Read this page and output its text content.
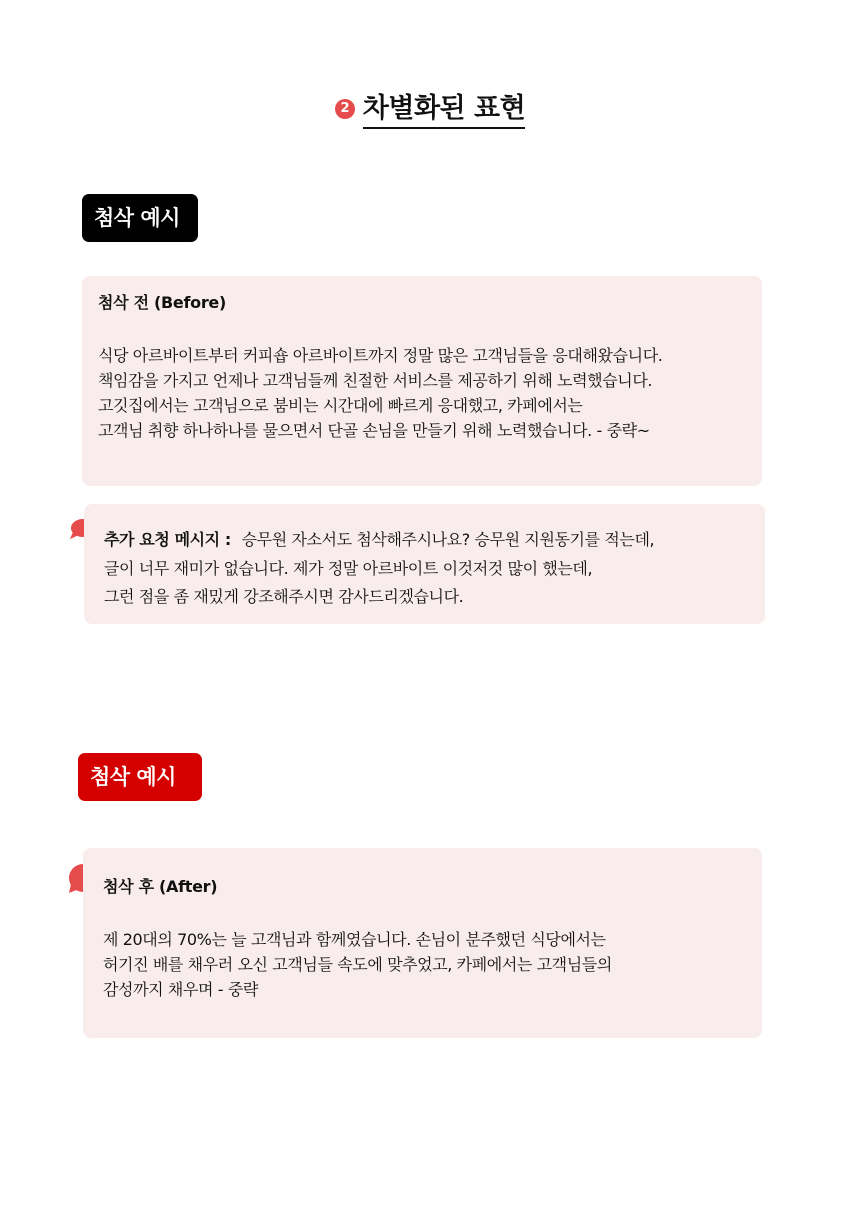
2 차별화된 표현
첨삭 예시
첨삭 전 (Before)
식당 아르바이트부터 커피숍 아르바이트까지 정말 많은 고객님들을 응대해왔습니다.
책임감을 가지고 언제나 고객님들께 친절한 서비스를 제공하기 위해 노력했습니다.
고깃집에서는 고객님으로 붐비는 시간대에 빠르게 응대했고, 카페에서는
고객님 취향 하나하나를 물으면서 단골 손님을 만들기 위해 노력했습니다. - 중략~
추가 요청 메시지 : 승무원 자소서도 첨삭해주시나요? 승무원 지원동기를 적는데,
글이 너무 재미가 없습니다. 제가 정말 아르바이트 이것저것 많이 했는데,
그런 점을 좀 재밌게 강조해주시면 감사드리겠습니다.
첨삭 예시
첨삭 후 (After)
제 20대의 70%는 늘 고객님과 함께였습니다. 손님이 분주했던 식당에서는
허기진 배를 채우러 오신 고객님들 속도에 맞추었고, 카페에서는 고객님들의
감성까지 채우며 - 중략
